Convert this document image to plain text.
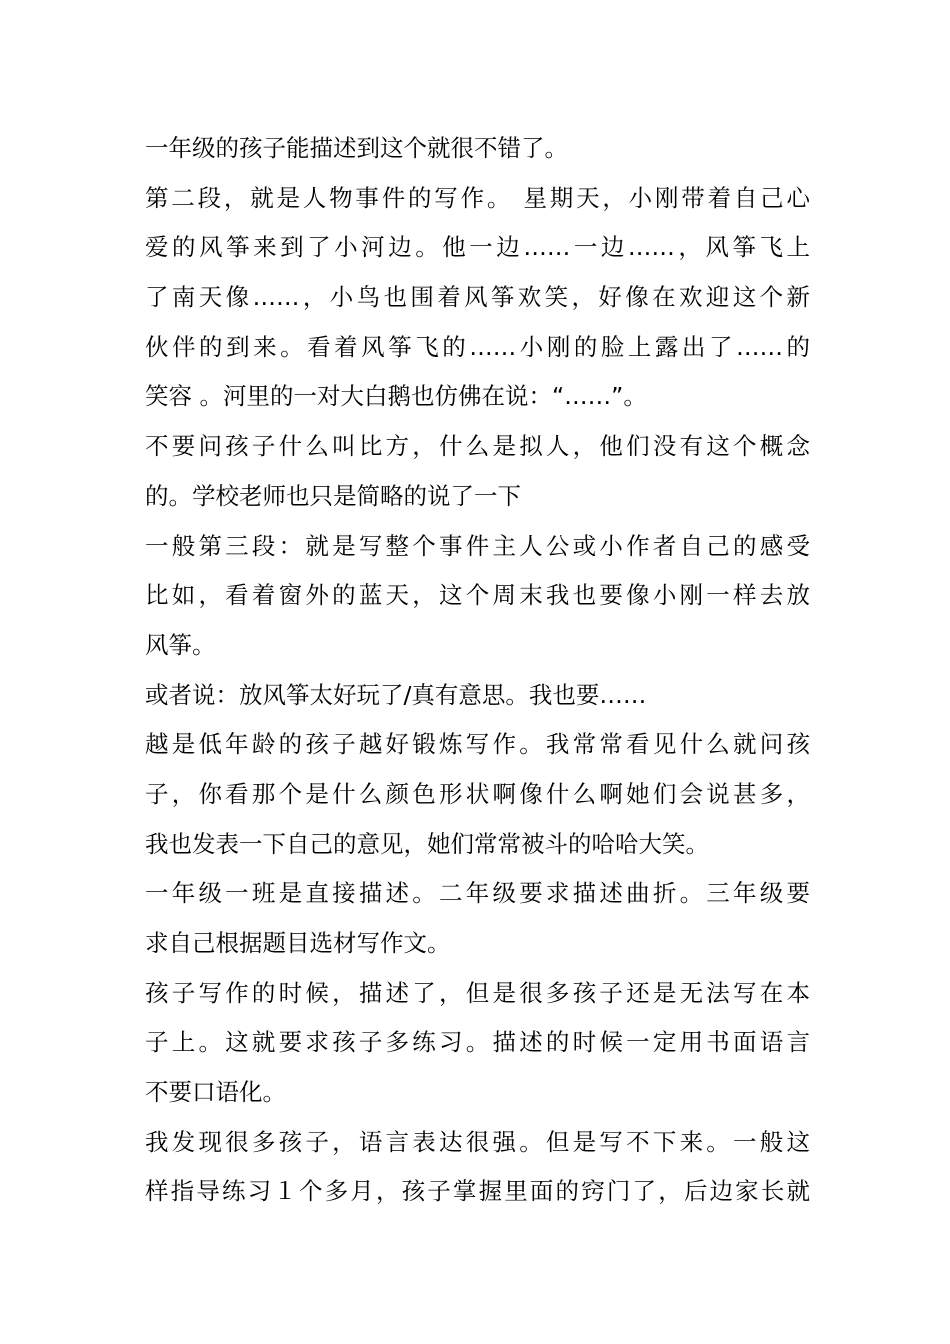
一年级的孩子能描述到这个就很不错了。
第二段，就是人物事件的写作。 星期天，小刚带着自己心
爱的风筝来到了小河边。他一边……一边……，风筝飞上
了南天像……，小鸟也围着风筝欢笑，好像在欢迎这个新
伙伴的到来。看着风筝飞的……小刚的脸上露出了……的
笑容 。河里的一对大白鹅也仿佛在说：“……”。
不要问孩子什么叫比方，什么是拟人，他们没有这个概念
的。学校老师也只是简略的说了一下
一般第三段：就是写整个事件主人公或小作者自己的感受
比如，看着窗外的蓝天，这个周末我也要像小刚一样去放
风筝。
或者说：放风筝太好玩了/真有意思。我也要……
越是低年龄的孩子越好锻炼写作。我常常看见什么就问孩
子，你看那个是什么颜色形状啊像什么啊她们会说甚多，
我也发表一下自己的意见，她们常常被斗的哈哈大笑。
一年级一班是直接描述。二年级要求描述曲折。三年级要
求自己根据题目选材写作文。
孩子写作的时候，描述了，但是很多孩子还是无法写在本
子上。这就要求孩子多练习。描述的时候一定用书面语言
不要口语化。
我发现很多孩子，语言表达很强。但是写不下来。一般这
样指导练习１个多月，孩子掌握里面的窍门了，后边家长就
